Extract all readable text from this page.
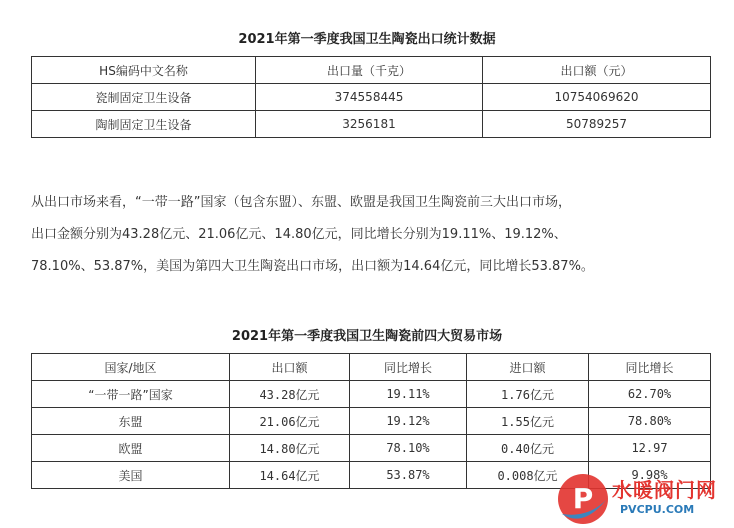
2021年第一季度我国卫生陶瓷出口统计数据
HS编码中文名称	出口量（千克）	出口额（元）
瓷制固定卫生设备	374558445	10754069620
陶制固定卫生设备	3256181	50789257
从出口市场来看，“一带一路”国家（包含东盟）、东盟、欧盟是我国卫生陶瓷前三大出口市场，
出口金额分别为43.28亿元、21.06亿元、14.80亿元，同比增长分别为19.11%、19.12%、
78.10%、53.87%，美国为第四大卫生陶瓷出口市场，出口额为14.64亿元，同比增长53.87%。
2021年第一季度我国卫生陶瓷前四大贸易市场
国家/地区	出口额	同比增长	进口额	同比增长
“一带一路”国家	43.28亿元	19.11%	1.76亿元	62.70%
东盟	21.06亿元	19.12%	1.55亿元	78.80%
欧盟	14.80亿元	78.10%	0.40亿元	12.97
美国	14.64亿元	53.87%	0.008亿元	9.98%
P 水暖阀门网
PVCPU.COM
